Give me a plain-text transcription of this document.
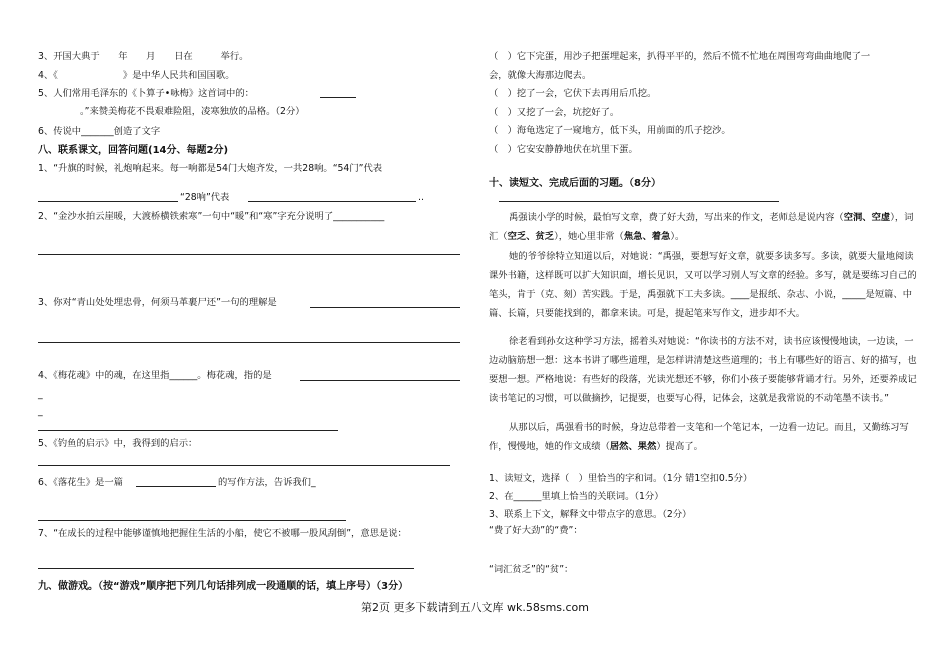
3、开国大典于　　年　　月　　日在　　　举行。
4、《　　　　　　　》是中华人民共和国国歌。
5、人们常用毛泽东的《卜算子•咏梅》这首词中的：
。”来赞美梅花不畏艰难险阻，凌寒独放的品格。（2分）
6、传说中_______创造了文字
八、联系课文，回答问题(14分、每题2分)
1、“升旗的时候，礼炮响起来。每一响都是54门大炮齐发，一共28响。“54门”代表
“28响”代表	..
2、“金沙水拍云崖暖，大渡桥横铁索寒”一句中“暖”和“寒”字充分说明了___________
3、你对“青山处处埋忠骨，何须马革裹尸还”一句的理解是
4、《梅花魂》中的魂，在这里指______。梅花魂，指的是
_
_
5、《钓鱼的启示》中，我得到的启示：
6、《落花生》是一篇	的写作方法，告诉我们_
7、“在成长的过程中能够谨慎地把握住生活的小船，使它不被哪一股风刮倒”，意思是说：
九、做游戏。（按“游戏”顺序把下列几句话排列成一段通顺的话，填上序号）（3分）
（　）它下完蛋，用沙子把蛋埋起来，扒得平平的，然后不慌不忙地在周围弯弯曲曲地爬了一
会，就像大海那边爬去。
（　）挖了一会，它伏下去再用后爪挖。
（　）又挖了一会，坑挖好了。
（　）海龟选定了一窥地方，低下头，用前面的爪子挖沙。
（　）它安安静静地伏在坑里下蛋。
十、读短文、完成后面的习题。（8分）
禹强读小学的时候，最怕写文章，费了好大劲，写出来的作文，老师总是说内容（空洞、空虚），词汇（空乏、贫乏），她心里非常（焦急、着急）。
她的爷爷徐特立知道以后，对她说：“禹强，要想写好文章，就要多读多写。多读，就要大量地阅读课外书籍，这样既可以扩大知识面，增长见识，又可以学习别人写文章的经验。多写，就是要练习自己的笔头，肯于（克、刻）苦实践。于是，禹强就下工夫多读。____是报纸、杂志、小说，_____是短篇、中篇、长篇，只要能找到的，都拿来读。可是，提起笔来写作文，进步却不大。
徐老看到孙女这种学习方法，摇着头对她说：“你读书的方法不对，读书应该慢慢地读，一边读，一边动脑筋想一想：这本书讲了哪些道理，是怎样讲清楚这些道理的；书上有哪些好的语言、好的描写，也要想一想。严格地说：有些好的段落，光读光想还不够，你们小孩子要能够背诵才行。另外，还要养成记读书笔记的习惯，可以做摘抄，记提要，也要写心得，记体会，这就是我常说的不动笔墨不读书。”
从那以后，禹强看书的时候，身边总带着一支笔和一个笔记本，一边看一边记。而且，又勤练习写作，慢慢地，她的作文成绩（居然、果然）提高了。
1、读短文，选择（　）里恰当的字和词。（1分 错1空扣0.5分）
2、在______里填上恰当的关联词。（1分）
3、联系上下文，解释文中带点字的意思。（2分）
“费了好大劲”的“费”：
“词汇贫乏”的“贫”：
第2页 更多下载请到五八文库 wk.58sms.com
